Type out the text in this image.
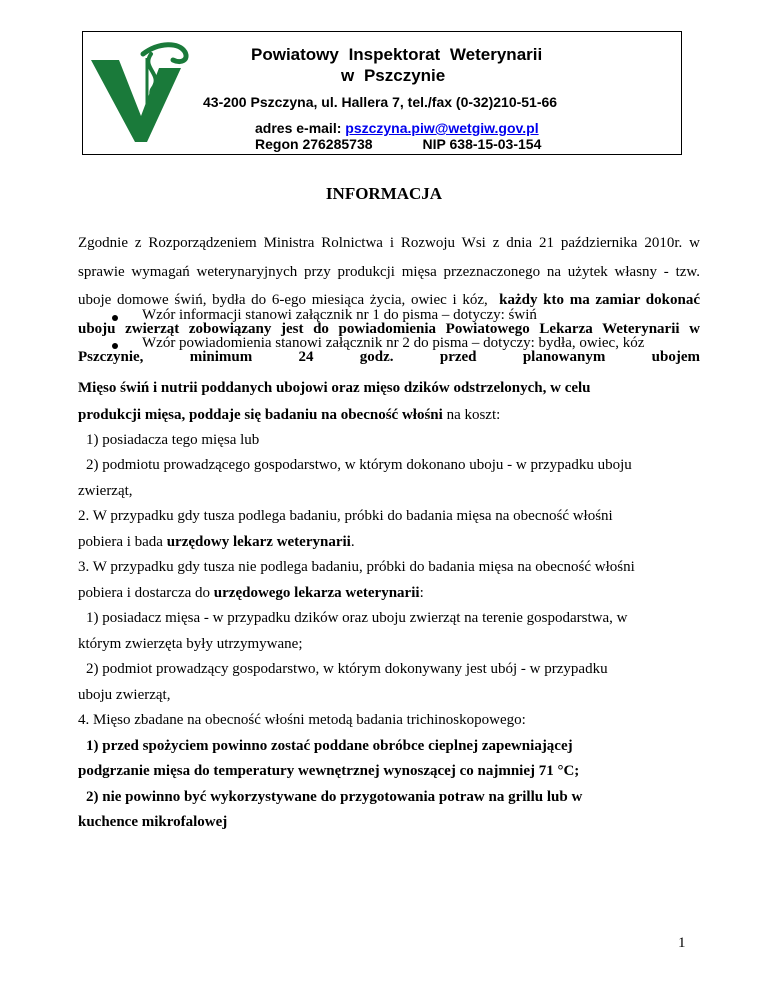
Powiatowy Inspektorat Weterynarii
w Pszczynie
43-200 Pszczyna, ul. Hallera 7, tel./fax (0-32)210-51-66
adres e-mail: pszczyna.piw@wetgiw.gov.pl
Regon 276285738	NIP 638-15-03-154
INFORMACJA
Zgodnie z Rozporządzeniem Ministra Rolnictwa i Rozwoju Wsi z dnia 21 października 2010r. w sprawie wymagań weterynaryjnych przy produkcji mięsa przeznaczonego na użytek własny - tzw. uboje domowe świń, bydła do 6-ego miesiąca życia, owiec i kóz, każdy kto ma zamiar dokonać uboju zwierząt zobowiązany jest do powiadomienia Powiatowego Lekarza Weterynarii w Pszczynie, minimum 24 godz. przed planowanym ubojem
Wzór informacji stanowi załącznik nr 1 do pisma – dotyczy: świń
Wzór powiadomienia stanowi załącznik nr 2 do pisma – dotyczy: bydła, owiec, kóz
Mięso świń i nutrii poddanych ubojowi oraz mięso dzików odstrzelonych, w celu
produkcji mięsa, poddaje się badaniu na obecność włośni na koszt:
1) posiadacza tego mięsa lub
2) podmiotu prowadzącego gospodarstwo, w którym dokonano uboju - w przypadku uboju
zwierząt,
2. W przypadku gdy tusza podlega badaniu, próbki do badania mięsa na obecność włośni
pobiera i bada urzędowy lekarz weterynarii.
3. W przypadku gdy tusza nie podlega badaniu, próbki do badania mięsa na obecność włośni
pobiera i dostarcza do urzędowego lekarza weterynarii:
1) posiadacz mięsa - w przypadku dzików oraz uboju zwierząt na terenie gospodarstwa, w
którym zwierzęta były utrzymywane;
2) podmiot prowadzący gospodarstwo, w którym dokonywany jest ubój - w przypadku
uboju zwierząt,
4. Mięso zbadane na obecność włośni metodą badania trichinoskopowego:
1) przed spożyciem powinno zostać poddane obróbce cieplnej zapewniającej
podgrzanie mięsa do temperatury wewnętrznej wynoszącej co najmniej 71 °C;
2) nie powinno być wykorzystywane do przygotowania potraw na grillu lub w
kuchence mikrofalowej
1
